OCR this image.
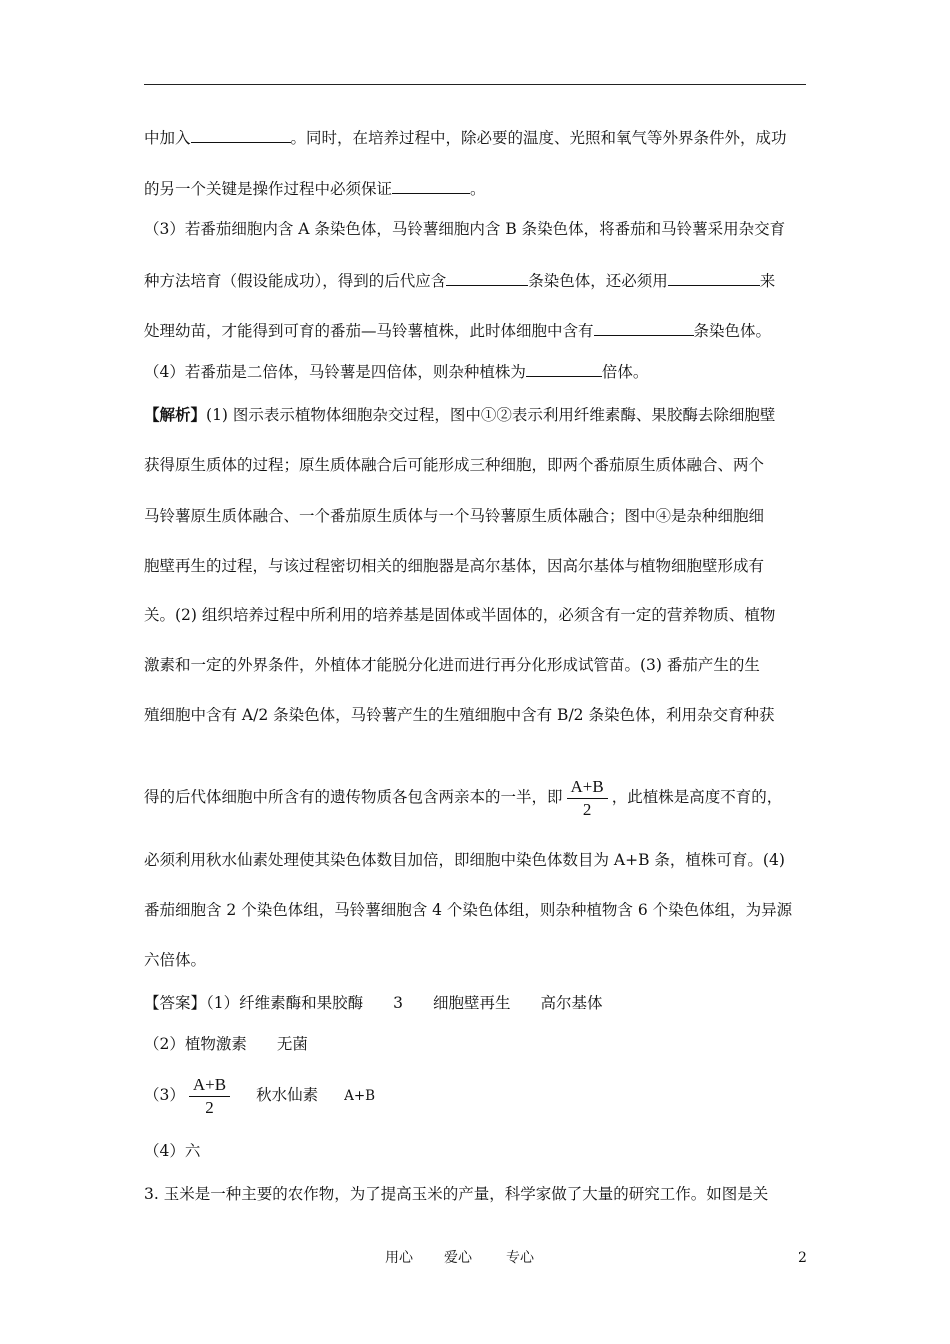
中加入	。同时，在培养过程中，除必要的温度、光照和氧气等外界条件外，成功
的另一个关键是操作过程中必须保证	。
（3）若番茄细胞内含 A 条染色体，马铃薯细胞内含 B 条染色体，将番茄和马铃薯采用杂交育
种方法培育（假设能成功），得到的后代应含	条染色体，还必须用	来
处理幼苗，才能得到可育的番茄—马铃薯植株，此时体细胞中含有	条染色体。
（4）若番茄是二倍体，马铃薯是四倍体，则杂种植株为	倍体。
【解析】(1) 图示表示植物体细胞杂交过程，图中①②表示利用纤维素酶、果胶酶去除细胞壁
获得原生质体的过程；原生质体融合后可能形成三种细胞，即两个番茄原生质体融合、两个
马铃薯原生质体融合、一个番茄原生质体与一个马铃薯原生质体融合；图中④是杂种细胞细
胞壁再生的过程，与该过程密切相关的细胞器是高尔基体，因高尔基体与植物细胞壁形成有
关。(2) 组织培养过程中所利用的培养基是固体或半固体的，必须含有一定的营养物质、植物
激素和一定的外界条件，外植体才能脱分化进而进行再分化形成试管苗。(3) 番茄产生的生
殖细胞中含有 A/2 条染色体，马铃薯产生的生殖细胞中含有 B/2 条染色体，利用杂交育种获
得的后代体细胞中所含有的遗传物质各包含两亲本的一半，即 $\frac{A+B}{2}$ ，此植株是高度不育的，
必须利用秋水仙素处理使其染色体数目加倍，即细胞中染色体数目为 A+B 条，植株可育。(4)
番茄细胞含 2 个染色体组，马铃薯细胞含 4 个染色体组，则杂种植物含 6 个染色体组，为异源
六倍体。
【答案】（1）纤维素酶和果胶酶 3 细胞壁再生 高尔基体
（2）植物激素 无菌
$(3) \frac{A+B}{2}$ 秋水仙素 A+B
（4）六
3. 玉米是一种主要的农作物，为了提高玉米的产量，科学家做了大量的研究工作。如图是关
用心 爱心 专心	2
